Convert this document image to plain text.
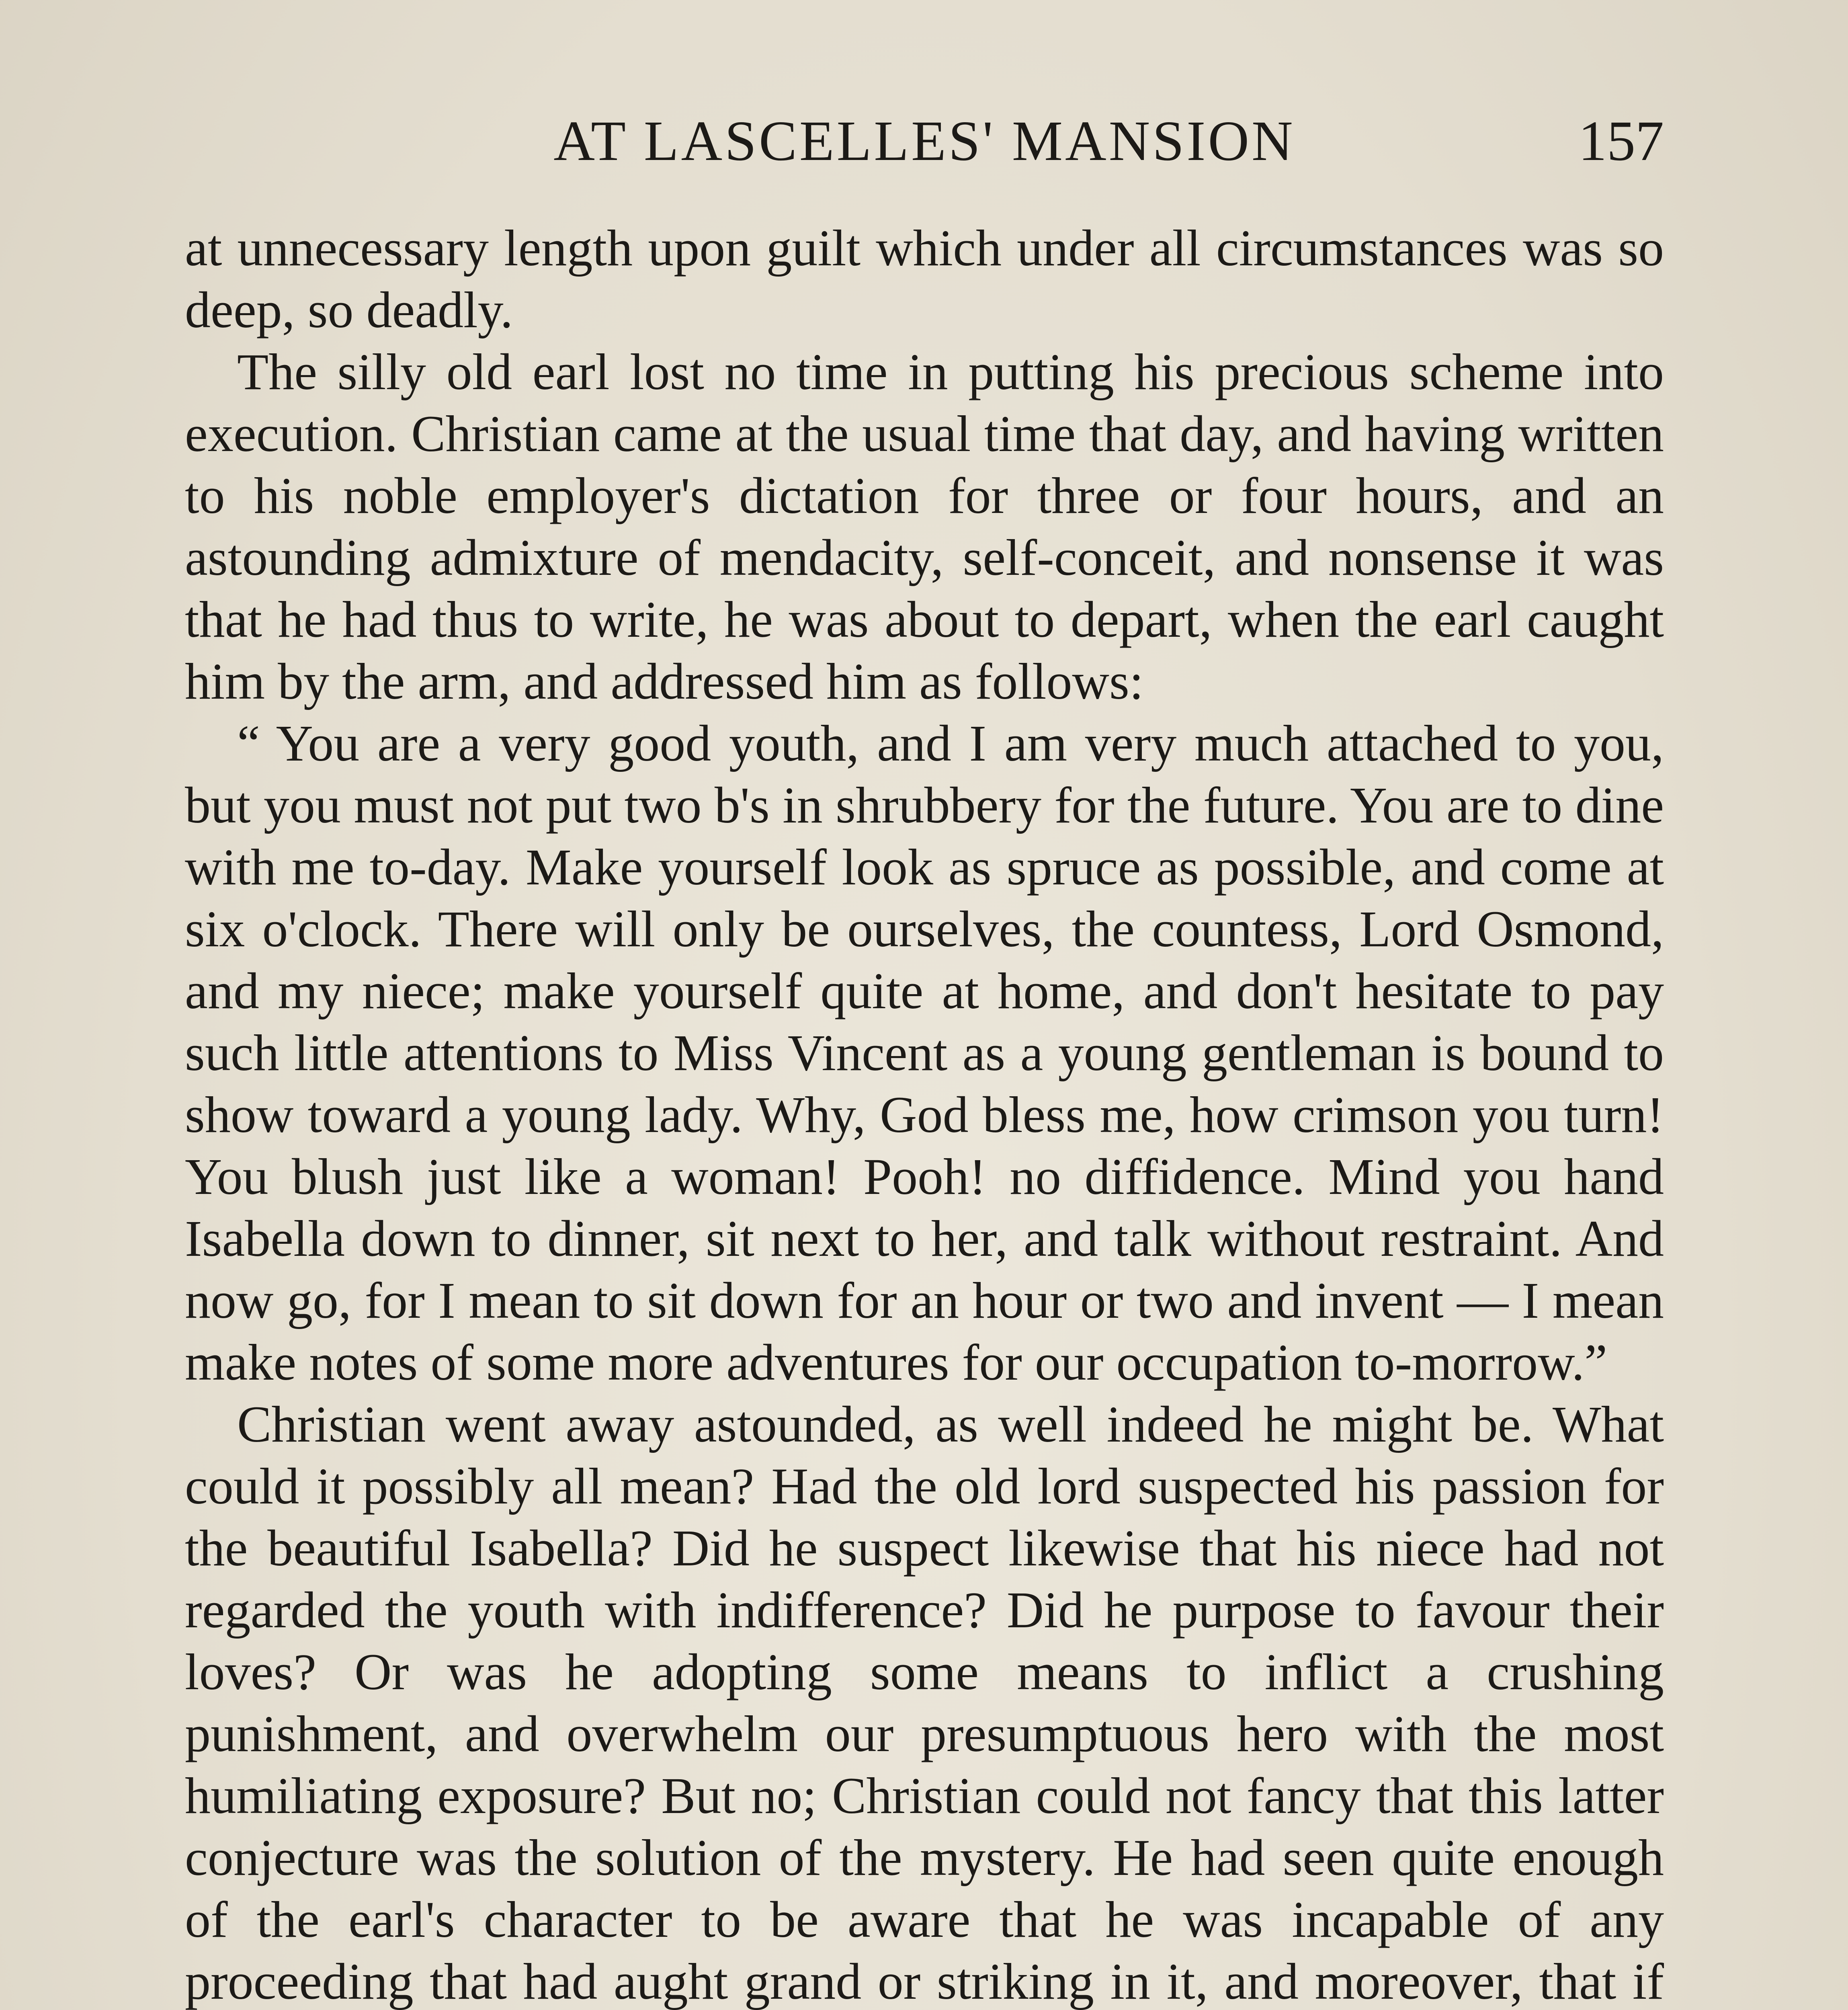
AT LASCELLES' MANSION	157

at unnecessary length upon guilt which under all circumstances was so deep, so deadly.

The silly old earl lost no time in putting his precious scheme into execution. Christian came at the usual time that day, and having written to his noble employer's dictation for three or four hours, and an astounding admixture of mendacity, self-conceit, and nonsense it was that he had thus to write, he was about to depart, when the earl caught him by the arm, and addressed him as follows:

“ You are a very good youth, and I am very much attached to you, but you must not put two b's in shrubbery for the future. You are to dine with me to-day. Make yourself look as spruce as possible, and come at six o'clock. There will only be ourselves, the countess, Lord Osmond, and my niece; make yourself quite at home, and don't hesitate to pay such little attentions to Miss Vincent as a young gentleman is bound to show toward a young lady. Why, God bless me, how crimson you turn! You blush just like a woman! Pooh! no diffidence. Mind you hand Isabella down to dinner, sit next to her, and talk without restraint. And now go, for I mean to sit down for an hour or two and invent — I mean make notes of some more adventures for our occupation to-morrow.”

Christian went away astounded, as well indeed he might be. What could it possibly all mean? Had the old lord suspected his passion for the beautiful Isabella? Did he suspect likewise that his niece had not regarded the youth with indifference? Did he purpose to favour their loves? Or was he adopting some means to inflict a crushing punishment, and overwhelm our presumptuous hero with the most humiliating exposure? But no; Christian could not fancy that this latter conjecture was the solution of the mystery. He had seen quite enough of the earl's character to be aware that he was incapable of any proceeding that had aught grand or striking in it, and moreover, that if
